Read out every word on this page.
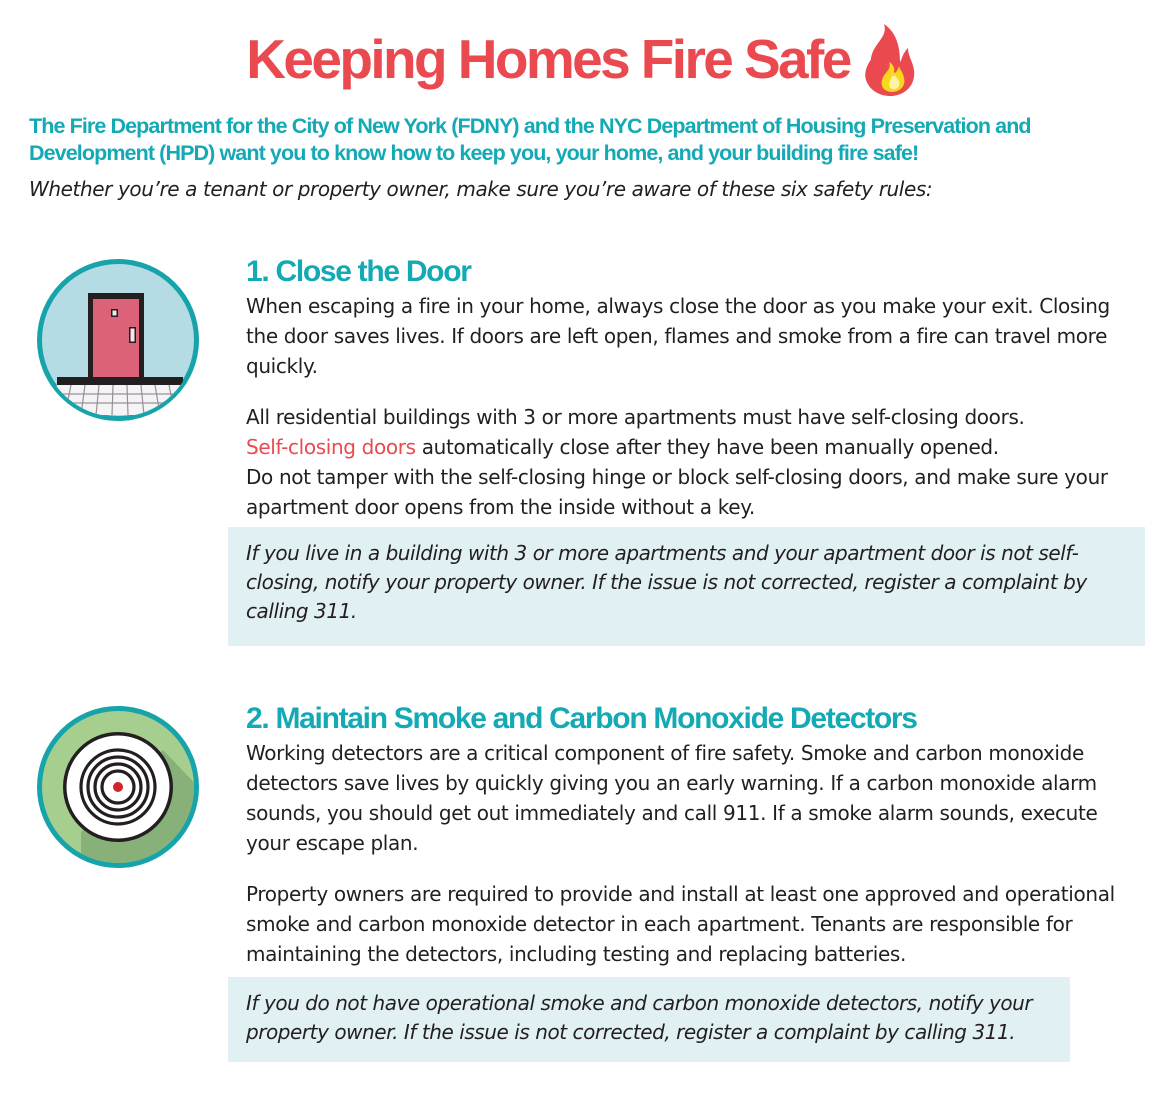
Keeping Homes Fire Safe

The Fire Department for the City of New York (FDNY) and the NYC Department of Housing Preservation and Development (HPD) want you to know how to keep you, your home, and your building fire safe!

Whether you’re a tenant or property owner, make sure you’re aware of these six safety rules:

1. Close the Door

When escaping a fire in your home, always close the door as you make your exit. Closing the door saves lives. If doors are left open, flames and smoke from a fire can travel more quickly.

All residential buildings with 3 or more apartments must have self-closing doors.
Self-closing doors automatically close after they have been manually opened.
Do not tamper with the self-closing hinge or block self-closing doors, and make sure your apartment door opens from the inside without a key.

If you live in a building with 3 or more apartments and your apartment door is not self-closing, notify your property owner. If the issue is not corrected, register a complaint by calling 311.

2. Maintain Smoke and Carbon Monoxide Detectors

Working detectors are a critical component of fire safety. Smoke and carbon monoxide detectors save lives by quickly giving you an early warning. If a carbon monoxide alarm sounds, you should get out immediately and call 911. If a smoke alarm sounds, execute your escape plan.

Property owners are required to provide and install at least one approved and operational smoke and carbon monoxide detector in each apartment. Tenants are responsible for maintaining the detectors, including testing and replacing batteries.

If you do not have operational smoke and carbon monoxide detectors, notify your property owner. If the issue is not corrected, register a complaint by calling 311.
